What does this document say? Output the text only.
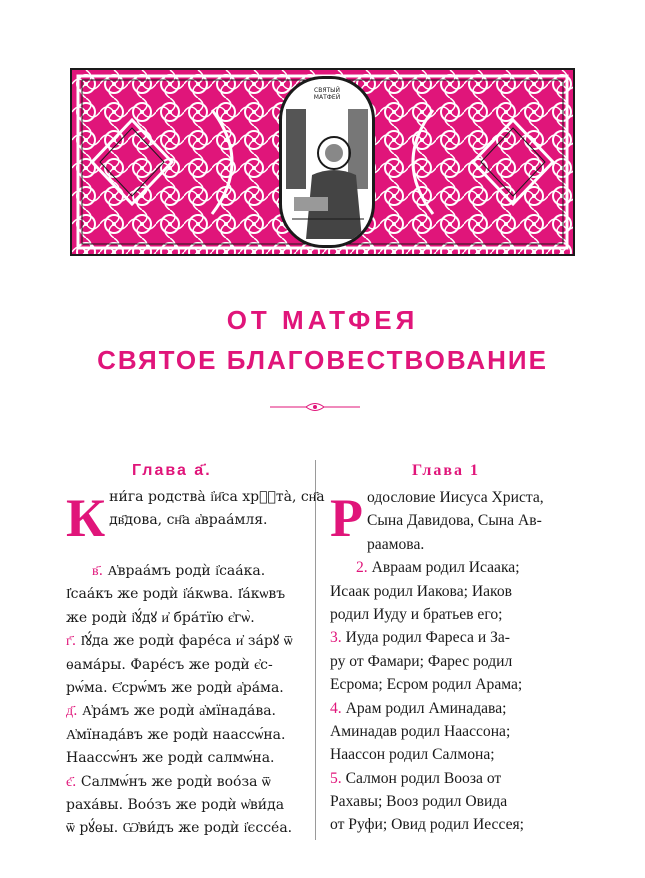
СВЯТЫЙ
МАТФЕЙ
ОТ МАТФЕЯ
СВЯТОЕ БЛАГОВЕСТВОВАНИЕ
Глава а҃.	Глава 1
К ни́га родства̀ і҆и҃са хрⷭ҇та̀, сн҃а
дв҃дова, сн҃а а҆враа́мля.
в҃. А҆враа́мъ родѝ і҆саа́ка.
І҆саа́къ же родѝ і҆а́кѡва. І҆а́кѡвъ
же родѝ і҆ꙋ́дꙋ и҆ бра́тїю є҆гѡ̀.
г҃. І҆ꙋ́да же родѝ фаре́са и҆ за́рꙋ ѿ
ѳама́ры. Фаре́съ же родѝ є҆с-
рѡ́ма. Є҆срѡ́мъ же родѝ а҆ра́ма.
д҃. А҆ра́мъ же родѝ а҆мїнада́ва.
А҆мїнада́въ же родѝ наассѡ́на.
Наассѡ́нъ же родѝ салмѡ́на.
є҃. Салмѡ́нъ же родѝ воо́за ѿ
раха́вы. Воо́зъ же родѝ ѡ҆ви́да
ѿ рꙋ́ѳы. Ѡ҆ви́дъ же родѝ і҆єссе́а.
Р одословие Иисуса Христа,
Сына Давидова, Сына Ав-
раамова.
2. Авраам родил Исаака;
Исаак родил Иакова; Иаков
родил Иуду и братьев его;
3. Иуда родил Фареса и За-
ру от Фамари; Фарес родил
Есрома; Есром родил Арама;
4. Арам родил Аминадава;
Аминадав родил Наассона;
Наассон родил Салмона;
5. Салмон родил Вооза от
Рахавы; Вооз родил Овида
от Руфи; Овид родил Иессея;
